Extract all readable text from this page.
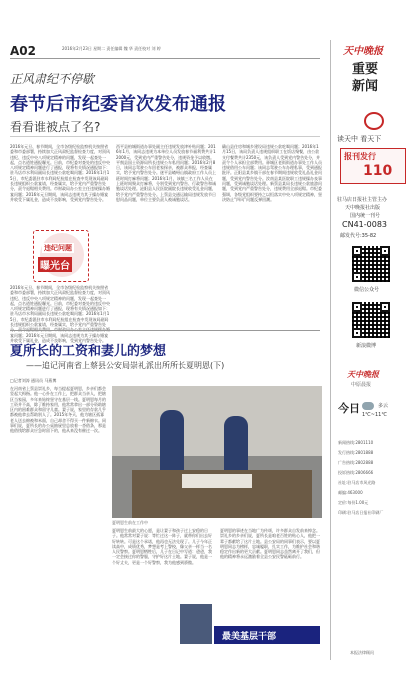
A02	2016年2月23日 星期二 责任编辑 魏 华 责任校对 刘 婷	天中晚报
重要
新闻
正风肃纪不停歇
春节后市纪委首次发布通报
看看谁被点了名?
2016年元旦、春节期间，全市各级纪检监察机关按照省委和市委部署，持续加大正风肃纪监督检查力度，对顶风违纪、违反中央八项规定精神的问题，发现一起查处一起，点名道姓通报曝光。日前，市纪委对查处的违反中央八项规定精神问题进行了通报，现将有关情况通报如下：驻马店市水利局副局长违规公款吃喝问题；2016年1月15日，市纪委派驻市水利局纪检组在检查中发现该局副局长违规组织公款宴请，经查属实，给予党内严重警告处分，责令退赔相关费用。市财政局办公室主任违规操办婚宴问题；2016年元旦期间，该同志违规为其子操办婚宴并收受下属礼金，造成不良影响，受到党内警告处分。
违纪问题
曝光台
2016年元旦、春节期间，全市各级纪检监察机关按照省委和市委部署，持续加大正风肃纪监督检查力度，对顶风违纪、违反中央八项规定精神的问题，发现一起查处一起，点名道姓通报曝光。日前，市纪委对查处的违反中央八项规定精神问题进行了通报，现将有关情况通报如下：驻马店市水利局副局长违规公款吃喝问题；2016年1月15日，市纪委派驻市水利局纪检组在检查中发现该局副局长违规组织公款宴请，经查属实，给予党内严重警告处 宴问题；2016年元旦期间，该同志违规为其子操办婚宴并收受下属礼金，造成不良影响，受到党内警告处分。
西平县柏城街道办事处副主任违规发放津补贴问题；2016年1月，该同志违规为本单位人员发放春节福利费共计12000元，受到党内严重警告处分，违规资金予以收缴。平舆县国土资源局所长违规公车私用问题；2016年2月8日，该同志驾驶公车回老家探亲，被群众举报，经查属实，给予党内警告处分。遂平县嵖岈山镇政府工作人员上班时间打麻将问题；2016年1月，该镇三名工作人员在上班时间聚众打麻将，分别受到党内警告、行政警告和诫勉谈话处理。泌阳县人民医院副院长违规收受礼金问题，给予党内严重警告处分。上蔡县交通运输局违规发放节日慰问品问题，单位主要负责人被诫勉谈话。
确山县住房和城乡建设局违规公款吃喝问题；2016年1月15日，该局负责人违规组织职工在饭店聚餐，由公款支付餐费共计2350元，该负责人受到党内警告处分，并责令个人承担全部费用。驿城区老街街道办事处工作人员违规借用公车问题；该同志驾驶公车办理私事，受到通报批评。正阳县某乡镇干部在春节期间违规收受礼品礼金问题，受到党内警告处分。汝南县某医院职工违规操办丧事问题，受到诫勉谈话处理。新蔡县某局长违规公款旅游问题，受到党内严重警告处分，违规费用全部退赔。市纪委强调，各级党组织要持之以恒落实中央八项规定精神，坚决防止“四风”问题反弹回潮。
夏所长的工资和妻儿的梦想
——追记河南省上蔡县公安局崇礼派出所所长夏明恩(下)
□记者刘涛 通讯员 马燕博
在河南省上蔡县崇礼乡，每当提起夏明恩，乡亲们都会竖起大拇指。他一心扑在工作上，把群众当亲人，把辖区当家园，多年来始终坚守在基层一线。夏明恩每月的工资并不高，除了维持家用，他常常拿出一部分资助辖区内的困难群众和留守儿童。妻子说，家里的存款几乎都被他拿去帮助别人了。2015年冬天，他为辖区孤寡老人送去棉被和米面，自己却舍不得买一件新棉衣。同事们说，夏所长的办公桌抽屉里总放着一沓借条，那是他借钱给群众应急时留下的，他从来没有催过一次。
夏明恩生前在工作中
夏明恩生前最大的心愿，是让妻子和孩子过上安稳的日子。他常常对妻子说：等忙过这一阵子，就带你们出去好好转转。可是这个承诺，他再也无法兑现了。儿子今年正读高中，成绩优秀，梦想是考上警校，像父亲一样当一名人民警察。夏明恩牺牲后，儿子在日记中写道：爸爸，我一定会接过你的警服，守护好这片土地。妻子说，他是一个好丈夫，更是一个好警察，我为他感到骄傲。
夏明恩的事迹在当地广为传颂，许多群众自发前来悼念。崇礼乡的乡亲们说，夏所长是咱老百姓的贴心人，他把一辈子都献给了这片土地。县公安局的同事们表示，要以夏明恩同志为榜样，忠诚履职，扎实工作，为维护社会和谐稳定作出新的更大贡献。夏明恩同志虽然离开了我们，但他的精神将永远激励着全县公安民警砥砺前行。
最美基层干部
读天中 看天下
报刊发行
110
驻马店日报社主管主办
天中晚报社出版
国内统一刊号
CN41-0083
邮发代号:35-82
微信公众号
新浪微博
天中晚报
中原晨报
今日	多云
1℃~11℃
新闻热线:2801110
发行热线:2801888
广告热线:2802888
投诉热线:2806666
社址:驻马店市风光路
邮编:463000
定价:每份1.00元
印刷:驻马店日报社印刷厂
本报法律顾问
